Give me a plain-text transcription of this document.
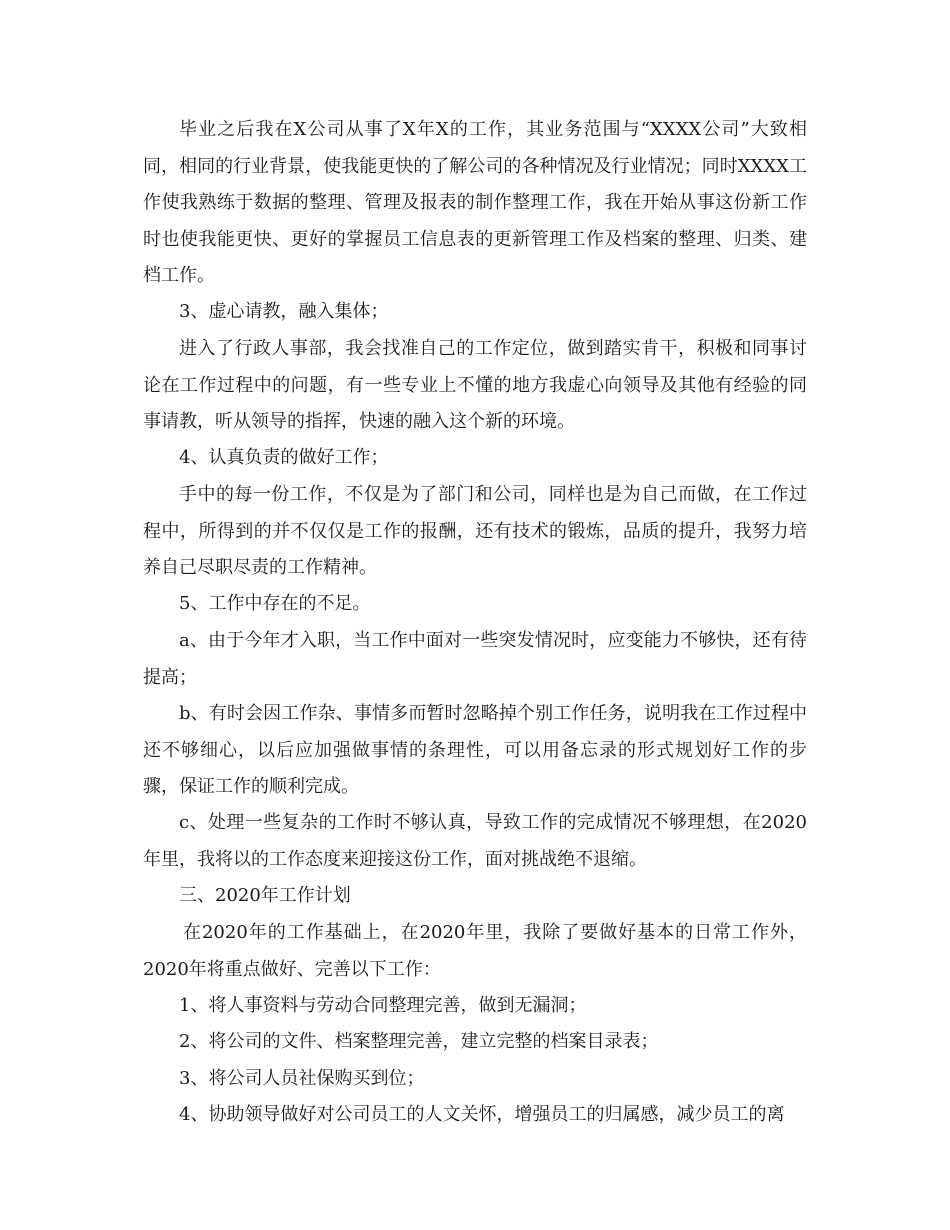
毕业之后我在X公司从事了X年X的工作，其业务范围与“XXXX公司”大致相同，相同的行业背景，使我能更快的了解公司的各种情况及行业情况；同时XXXX工作使我熟练于数据的整理、管理及报表的制作整理工作，我在开始从事这份新工作时也使我能更快、更好的掌握员工信息表的更新管理工作及档案的整理、归类、建档工作。

3、虚心请教，融入集体；

进入了行政人事部，我会找准自己的工作定位，做到踏实肯干，积极和同事讨论在工作过程中的问题，有一些专业上不懂的地方我虚心向领导及其他有经验的同事请教，听从领导的指挥，快速的融入这个新的环境。

4、认真负责的做好工作；

手中的每一份工作，不仅是为了部门和公司，同样也是为自己而做，在工作过程中，所得到的并不仅仅是工作的报酬，还有技术的锻炼，品质的提升，我努力培养自己尽职尽责的工作精神。

5、工作中存在的不足。

a、由于今年才入职，当工作中面对一些突发情况时，应变能力不够快，还有待提高；

b、有时会因工作杂、事情多而暂时忽略掉个别工作任务，说明我在工作过程中还不够细心，以后应加强做事情的条理性，可以用备忘录的形式规划好工作的步骤，保证工作的顺利完成。

c、处理一些复杂的工作时不够认真，导致工作的完成情况不够理想，在2020年里，我将以的工作态度来迎接这份工作，面对挑战绝不退缩。

三、2020年工作计划

在2020年的工作基础上，在2020年里，我除了要做好基本的日常工作外，2020年将重点做好、完善以下工作：

1、将人事资料与劳动合同整理完善，做到无漏洞；

2、将公司的文件、档案整理完善，建立完整的档案目录表；

3、将公司人员社保购买到位；

4、协助领导做好对公司员工的人文关怀，增强员工的归属感，减少员工的离
